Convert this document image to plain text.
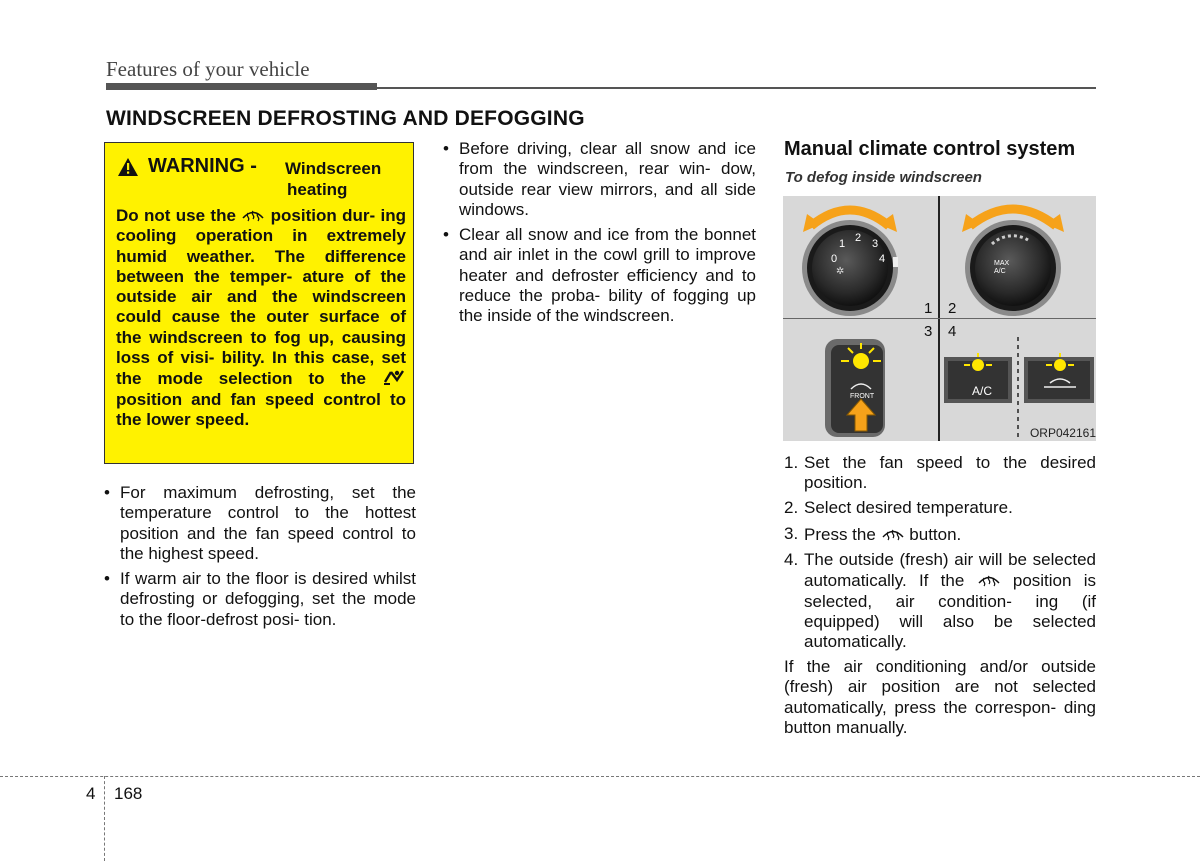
Features of your vehicle
WINDSCREEN DEFROSTING AND DEFOGGING
WARNING - Windscreen
heating
Do not use the position dur- ing cooling operation in extremely humid weather. The difference between the temper- ature of the outside air and the windscreen could cause the outer surface of the windscreen to fog up, causing loss of visi- bility. In this case, set the mode selection to the  position and fan speed control to the lower speed.
• For maximum defrosting, set the temperature control to the hottest position and the fan speed control to the highest speed.
• If warm air to the floor is desired whilst defrosting or defogging, set the mode to the floor-defrost posi- tion.
• Before driving, clear all snow and ice from the windscreen, rear win- dow, outside rear view mirrors, and all side windows.
• Clear all snow and ice from the bonnet and air inlet in the cowl grill to improve heater and defroster efficiency and to reduce the proba- bility of fogging up the inside of the windscreen.
Manual climate control system
To defog inside windscreen
0
1 2 3
4
✲
MAX
A/C
1 2
3 4
FRONT	A/C
ORP042161
1. Set the fan speed to the desired position.
2. Select desired temperature.
3. Press the button.
4. The outside (fresh) air will be selected automatically. If the	position is selected, air condition- ing (if equipped) will also be selected automatically.
If the air conditioning and/or outside (fresh) air position are not selected automatically, press the correspon- ding button manually.
4 168
